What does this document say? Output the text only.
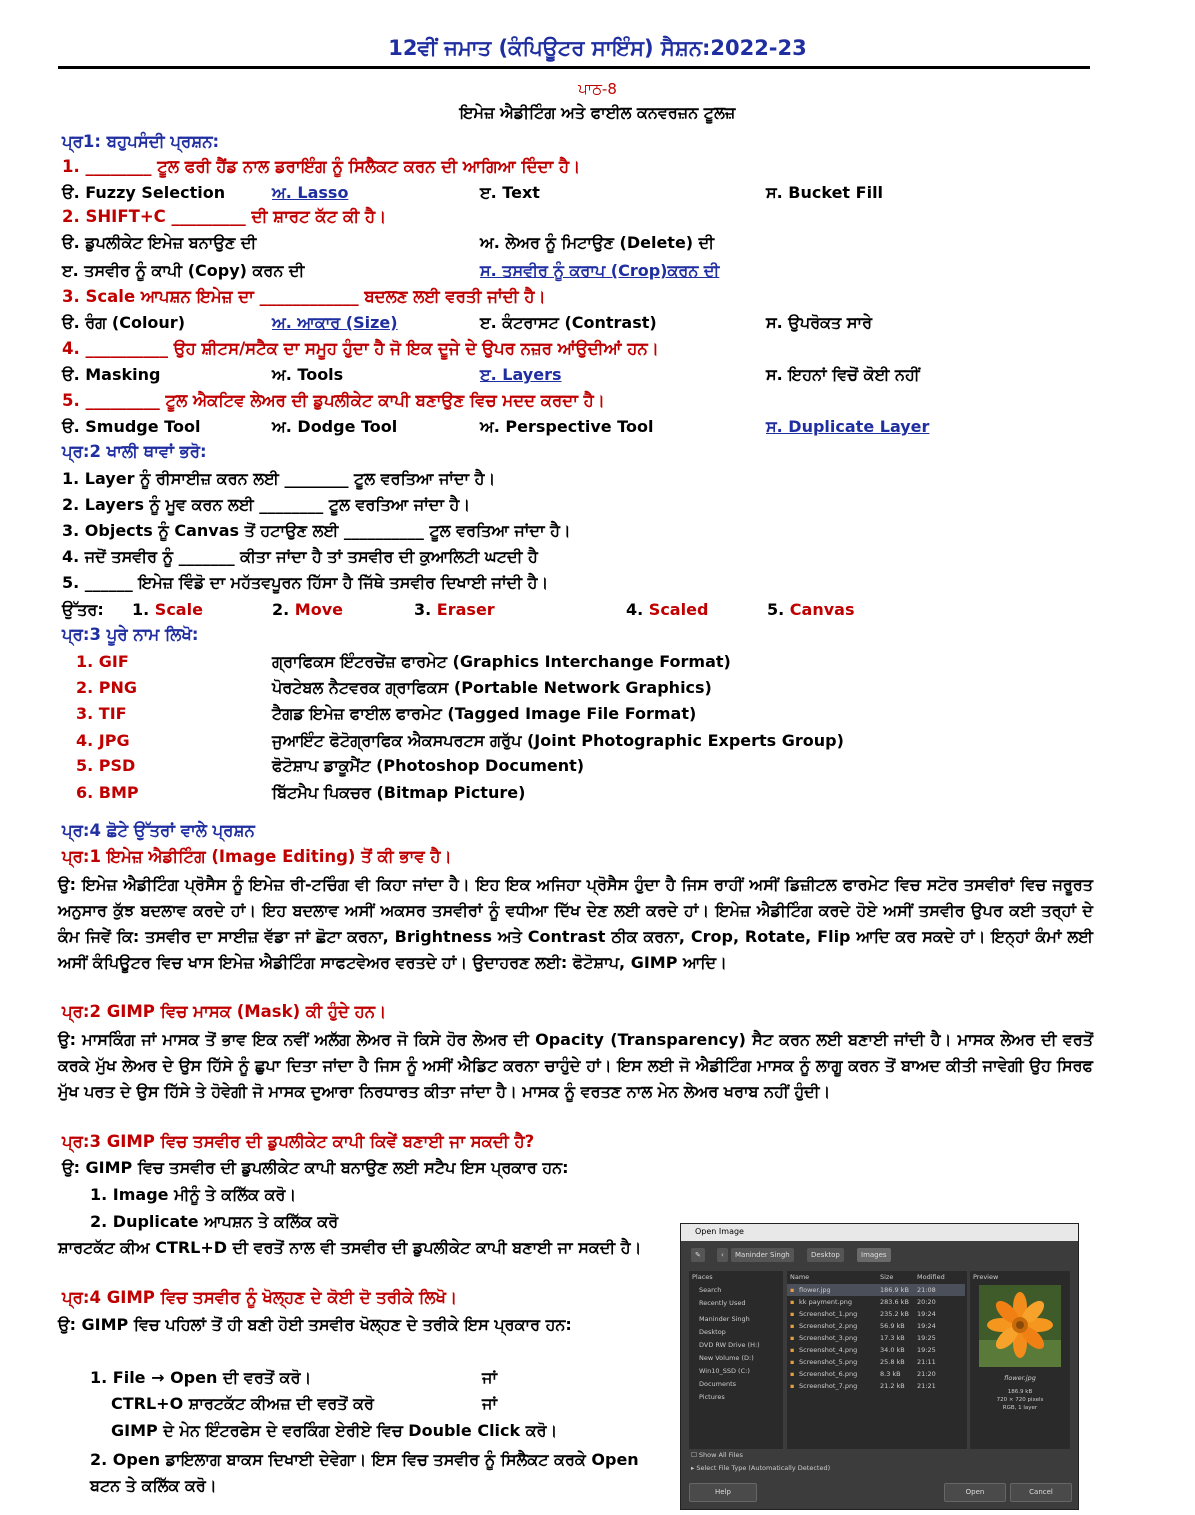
12ਵੀਂ ਜਮਾਤ (ਕੰਪਿਊਟਰ ਸਾਇੰਸ) ਸੈਸ਼ਨ:2022-23
ਪਾਠ-8
ਇਮੇਜ਼ ਐਡੀਟਿੰਗ ਅਤੇ ਫਾਈਲ ਕਨਵਰਜ਼ਨ ਟੂਲਜ਼
ਪ੍ਰ1: ਬਹੁਪਸੰਦੀ ਪ੍ਰਸ਼ਨ:
1. ________ ਟੂਲ ਫਰੀ ਹੈਂਡ ਨਾਲ ਡਰਾਇੰਗ ਨੂੰ ਸਿਲੈਕਟ ਕਰਨ ਦੀ ਆਗਿਆ ਦਿੰਦਾ ਹੈ।
ੳ. Fuzzy Selection	ਅ. Lasso	ੲ. Text	ਸ. Bucket Fill
2. SHIFT+C _________ ਦੀ ਸ਼ਾਰਟ ਕੱਟ ਕੀ ਹੈ।
ੳ. ਡੁਪਲੀਕੇਟ ਇਮੇਜ਼ ਬਨਾਉਣ ਦੀ	ਅ. ਲੇਅਰ ਨੂੰ ਮਿਟਾਉਣ (Delete) ਦੀ
ੲ. ਤਸਵੀਰ ਨੂੰ ਕਾਪੀ (Copy) ਕਰਨ ਦੀ	ਸ. ਤਸਵੀਰ ਨੂੰ ਕਰਾਪ (Crop)ਕਰਨ ਦੀ
3. Scale ਆਪਸ਼ਨ ਇਮੇਜ਼ ਦਾ ____________ ਬਦਲਣ ਲਈ ਵਰਤੀ ਜਾਂਦੀ ਹੈ।
ੳ. ਰੰਗ (Colour)	ਅ. ਆਕਾਰ (Size)	ੲ. ਕੰਟਰਾਸਟ (Contrast)	ਸ. ਉਪਰੋਕਤ ਸਾਰੇ
4. __________ ਉਹ ਸ਼ੀਟਸ/ਸਟੈਕ ਦਾ ਸਮੂਹ ਹੁੰਦਾ ਹੈ ਜੋ ਇਕ ਦੂਜੇ ਦੇ ਉਪਰ ਨਜ਼ਰ ਆਂਉਦੀਆਂ ਹਨ।
ੳ. Masking	ਅ. Tools	ੲ. Layers	ਸ. ਇਹਨਾਂ ਵਿਚੋਂ ਕੋਈ ਨਹੀਂ
5. _________ ਟੂਲ ਐਕਟਿਵ ਲੇਅਰ ਦੀ ਡੁਪਲੀਕੇਟ ਕਾਪੀ ਬਣਾਉਣ ਵਿਚ ਮਦਦ ਕਰਦਾ ਹੈ।
ੳ. Smudge Tool	ਅ. Dodge Tool	ਅ. Perspective Tool	ਸ. Duplicate Layer
ਪ੍ਰ:2 ਖਾਲੀ ਥਾਵਾਂ ਭਰੋ:
1. Layer ਨੂੰ ਰੀਸਾਈਜ਼ ਕਰਨ ਲਈ ________ ਟੂਲ ਵਰਤਿਆ ਜਾਂਦਾ ਹੈ।
2. Layers ਨੂੰ ਮੂਵ ਕਰਨ ਲਈ ________ ਟੂਲ ਵਰਤਿਆ ਜਾਂਦਾ ਹੈ।
3. Objects ਨੂੰ Canvas ਤੋਂ ਹਟਾਉਣ ਲਈ __________ ਟੂਲ ਵਰਤਿਆ ਜਾਂਦਾ ਹੈ।
4. ਜਦੋਂ ਤਸਵੀਰ ਨੂੰ _______ ਕੀਤਾ ਜਾਂਦਾ ਹੈ ਤਾਂ ਤਸਵੀਰ ਦੀ ਕੁਆਲਿਟੀ ਘਟਦੀ ਹੈ
5. ______ ਇਮੇਜ਼ ਵਿੰਡੋ ਦਾ ਮਹੱਤਵਪੂਰਨ ਹਿੱਸਾ ਹੈ ਜਿੱਥੇ ਤਸਵੀਰ ਦਿਖਾਈ ਜਾਂਦੀ ਹੈ।
ਉੱਤਰ: 1. Scale	2. Move	3. Eraser	4. Scaled	5. Canvas
ਪ੍ਰ:3 ਪੂਰੇ ਨਾਮ ਲਿਖੋ:
1. GIF	ਗ੍ਰਾਫਿਕਸ ਇੰਟਰਚੇਂਜ਼ ਫਾਰਮੇਟ (Graphics Interchange Format)
2. PNG	ਪੋਰਟੇਬਲ ਨੈਟਵਰਕ ਗ੍ਰਾਫਿਕਸ (Portable Network Graphics)
3. TIF	ਟੈਗਡ ਇਮੇਜ਼ ਫਾਈਲ ਫਾਰਮੇਟ (Tagged Image File Format)
4. JPG	ਜੁਆਇੰਟ ਫੋਟੋਗ੍ਰਾਫਿਕ ਐਕਸਪਰਟਸ ਗਰੁੱਪ (Joint Photographic Experts Group)
5. PSD	ਫੋਟੋਸ਼ਾਪ ਡਾਕੂਮੈਂਟ (Photoshop Document)
6. BMP	ਬਿੱਟਮੈਪ ਪਿਕਚਰ (Bitmap Picture)
ਪ੍ਰ:4 ਛੋਟੇ ਉੱਤਰਾਂ ਵਾਲੇ ਪ੍ਰਸ਼ਨ
ਪ੍ਰ:1 ਇਮੇਜ਼ ਐਡੀਟਿੰਗ (Image Editing) ਤੋਂ ਕੀ ਭਾਵ ਹੈ।
ਉ: ਇਮੇਜ਼ ਐਡੀਟਿੰਗ ਪ੍ਰੋਸੈਸ ਨੂੰ ਇਮੇਜ਼ ਰੀ-ਟਚਿੰਗ ਵੀ ਕਿਹਾ ਜਾਂਦਾ ਹੈ। ਇਹ ਇਕ ਅਜਿਹਾ ਪ੍ਰੋਸੈਸ ਹੁੰਦਾ ਹੈ ਜਿਸ ਰਾਹੀਂ ਅਸੀਂ ਡਿਜ਼ੀਟਲ ਫਾਰਮੇਟ ਵਿਚ ਸਟੋਰ ਤਸਵੀਰਾਂ ਵਿਚ ਜਰੂਰਤ ਅਨੁਸਾਰ ਕੁੱਝ ਬਦਲਾਵ ਕਰਦੇ ਹਾਂ। ਇਹ ਬਦਲਾਵ ਅਸੀਂ ਅਕਸਰ ਤਸਵੀਰਾਂ ਨੂੰ ਵਧੀਆ ਦਿੱਖ ਦੇਣ ਲਈ ਕਰਦੇ ਹਾਂ। ਇਮੇਜ਼ ਐਡੀਟਿੰਗ ਕਰਦੇ ਹੋਏ ਅਸੀਂ ਤਸਵੀਰ ਉਪਰ ਕਈ ਤਰ੍ਹਾਂ ਦੇ ਕੰਮ ਜਿਵੇਂ ਕਿ: ਤਸਵੀਰ ਦਾ ਸਾਈਜ਼ ਵੱਡਾ ਜਾਂ ਛੋਟਾ ਕਰਨਾ, Brightness ਅਤੇ Contrast ਠੀਕ ਕਰਨਾ, Crop, Rotate, Flip ਆਦਿ ਕਰ ਸਕਦੇ ਹਾਂ। ਇਨ੍ਹਾਂ ਕੰਮਾਂ ਲਈ ਅਸੀਂ ਕੰਪਿਊਟਰ ਵਿਚ ਖਾਸ ਇਮੇਜ਼ ਐਡੀਟਿੰਗ ਸਾਫਟਵੇਅਰ ਵਰਤਦੇ ਹਾਂ। ਉਦਾਹਰਣ ਲਈ: ਫੋਟੋਸ਼ਾਪ, GIMP ਆਦਿ।
ਪ੍ਰ:2 GIMP ਵਿਚ ਮਾਸਕ (Mask) ਕੀ ਹੁੰਦੇ ਹਨ।
ਉ: ਮਾਸਕਿੰਗ ਜਾਂ ਮਾਸਕ ਤੋਂ ਭਾਵ ਇਕ ਨਵੀਂ ਅਲੱਗ ਲੇਅਰ ਜੋ ਕਿਸੇ ਹੋਰ ਲੇਅਰ ਦੀ Opacity (Transparency) ਸੈਟ ਕਰਨ ਲਈ ਬਣਾਈ ਜਾਂਦੀ ਹੈ। ਮਾਸਕ ਲੇਅਰ ਦੀ ਵਰਤੋਂ ਕਰਕੇ ਮੁੱਖ ਲੇਅਰ ਦੇ ਉਸ ਹਿੱਸੇ ਨੂੰ ਛੁਪਾ ਦਿਤਾ ਜਾਂਦਾ ਹੈ ਜਿਸ ਨੂੰ ਅਸੀਂ ਐਡਿਟ ਕਰਨਾ ਚਾਹੁੰਦੇ ਹਾਂ। ਇਸ ਲਈ ਜੋ ਐਡੀਟਿੰਗ ਮਾਸਕ ਨੂੰ ਲਾਗੂ ਕਰਨ ਤੋਂ ਬਾਅਦ ਕੀਤੀ ਜਾਵੇਗੀ ਉਹ ਸਿਰਫ ਮੁੱਖ ਪਰਤ ਦੇ ਉਸ ਹਿੱਸੇ ਤੇ ਹੋਵੇਗੀ ਜੋ ਮਾਸਕ ਦੁਆਰਾ ਨਿਰਧਾਰਤ ਕੀਤਾ ਜਾਂਦਾ ਹੈ। ਮਾਸਕ ਨੂੰ ਵਰਤਣ ਨਾਲ ਮੇਨ ਲੇਅਰ ਖਰਾਬ ਨਹੀਂ ਹੁੰਦੀ।
ਪ੍ਰ:3 GIMP ਵਿਚ ਤਸਵੀਰ ਦੀ ਡੁਪਲੀਕੇਟ ਕਾਪੀ ਕਿਵੇਂ ਬਣਾਈ ਜਾ ਸਕਦੀ ਹੈ?
ਉ: GIMP ਵਿਚ ਤਸਵੀਰ ਦੀ ਡੁਪਲੀਕੇਟ ਕਾਪੀ ਬਨਾਉਣ ਲਈ ਸਟੈਪ ਇਸ ਪ੍ਰਕਾਰ ਹਨ:
1. Image ਮੀਨੂੰ ਤੇ ਕਲਿੱਕ ਕਰੋ।
2. Duplicate ਆਪਸ਼ਨ ਤੇ ਕਲਿੱਕ ਕਰੋ
ਸ਼ਾਰਟਕੱਟ ਕੀਅ CTRL+D ਦੀ ਵਰਤੋਂ ਨਾਲ ਵੀ ਤਸਵੀਰ ਦੀ ਡੁਪਲੀਕੇਟ ਕਾਪੀ ਬਣਾਈ ਜਾ ਸਕਦੀ ਹੈ।
ਪ੍ਰ:4 GIMP ਵਿਚ ਤਸਵੀਰ ਨੂੰ ਖੋਲ੍ਹਣ ਦੇ ਕੋਈ ਦੋ ਤਰੀਕੇ ਲਿਖੋ।
ਉ: GIMP ਵਿਚ ਪਹਿਲਾਂ ਤੋਂ ਹੀ ਬਣੀ ਹੋਈ ਤਸਵੀਰ ਖੋਲ੍ਹਣ ਦੇ ਤਰੀਕੇ ਇਸ ਪ੍ਰਕਾਰ ਹਨ:
1. File → Open ਦੀ ਵਰਤੋਂ ਕਰੋ।	ਜਾਂ
CTRL+O ਸ਼ਾਰਟਕੱਟ ਕੀਅਜ਼ ਦੀ ਵਰਤੋਂ ਕਰੋ	ਜਾਂ
GIMP ਦੇ ਮੇਨ ਇੰਟਰਫੇਸ ਦੇ ਵਰਕਿੰਗ ਏਰੀਏ ਵਿਚ Double Click ਕਰੋ।
2. Open ਡਾਇਲਾਗ ਬਾਕਸ ਦਿਖਾਈ ਦੇਵੇਗਾ। ਇਸ ਵਿਚ ਤਸਵੀਰ ਨੂੰ ਸਿਲੈਕਟ ਕਰਕੇ Open ਬਟਨ ਤੇ ਕਲਿੱਕ ਕਰੋ।
Open Image
✎	‹	Maninder Singh	Desktop	Images
Places
Search
Recently Used
Maninder Singh
Desktop
DVD RW Drive (H:)
New Volume (D:)
Win10_SSD (C:)
Documents
Pictures
Name	Size	Modified
▪ flower.jpg	186.9 kB 21:08
▪ kk payment.png	283.6 kB 20:20
▪ Screenshot_1.png	235.2 kB 19:24
▪ Screenshot_2.png	56.9 kB 19:24
▪ Screenshot_3.png	17.3 kB 19:25
▪ Screenshot_4.png	34.0 kB 19:25
▪ Screenshot_5.png	25.8 kB 21:11
▪ Screenshot_6.png	8.3 kB	21:20
▪ Screenshot_7.png	21.2 kB 21:21
Preview
flower.jpg
186.9 kB
720 × 720 pixels
RGB, 1 layer
☐ Show All Files
▸ Select File Type (Automatically Detected)
Help	Open	Cancel
